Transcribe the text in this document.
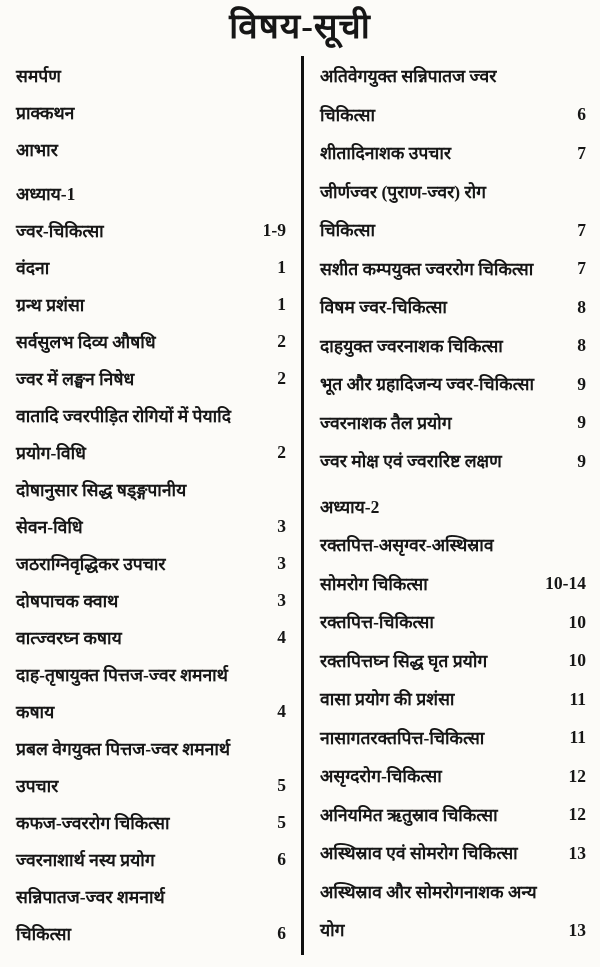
विषय-सूची
समर्पण
प्राक्कथन
आभार
अध्याय-1
ज्वर-चिकित्सा	1-9
वंदना	1
ग्रन्थ प्रशंसा	1
सर्वसुलभ दिव्य औषधि	2
ज्वर में लङ्घन निषेध	2
वातादि ज्वरपीड़ित रोगियों में पेयादि
प्रयोग-विधि	2
दोषानुसार सिद्ध षड्ङ्गपानीय
सेवन-विधि	3
जठराग्निवृद्धिकर उपचार	3
दोषपाचक क्वाथ	3
वात्ज्वरघ्न कषाय	4
दाह-तृषायुक्त पित्तज-ज्वर शमनार्थ
कषाय	4
प्रबल वेगयुक्त पित्तज-ज्वर शमनार्थ
उपचार	5
कफज-ज्वररोग चिकित्सा	5
ज्वरनाशार्थ नस्य प्रयोग	6
सन्निपातज-ज्वर शमनार्थ
चिकित्सा	6
अतिवेगयुक्त सन्निपातज ज्वर
चिकित्सा	6
शीतादिनाशक उपचार	7
जीर्णज्वर (पुराण-ज्वर) रोग
चिकित्सा	7
सशीत कम्पयुक्त ज्वररोग चिकित्सा	7
विषम ज्वर-चिकित्सा	8
दाहयुक्त ज्वरनाशक चिकित्सा	8
भूत और ग्रहादिजन्य ज्वर-चिकित्सा 9
ज्वरनाशक तैल प्रयोग	9
ज्वर मोक्ष एवं ज्वरारिष्ट लक्षण	9
अध्याय-2
रक्तपित्त-असृग्वर-अस्थिस्राव
सोमरोग चिकित्सा	10-14
रक्तपित्त-चिकित्सा	10
रक्तपित्तघ्न सिद्ध घृत प्रयोग	10
वासा प्रयोग की प्रशंसा	11
नासागतरक्तपित्त-चिकित्सा	11
असृग्दरोग-चिकित्सा	12
अनियमित ऋतुस्राव चिकित्सा	12
अस्थिस्राव एवं सोमरोग चिकित्सा	13
अस्थिस्राव और सोमरोगनाशक अन्य
योग	13
